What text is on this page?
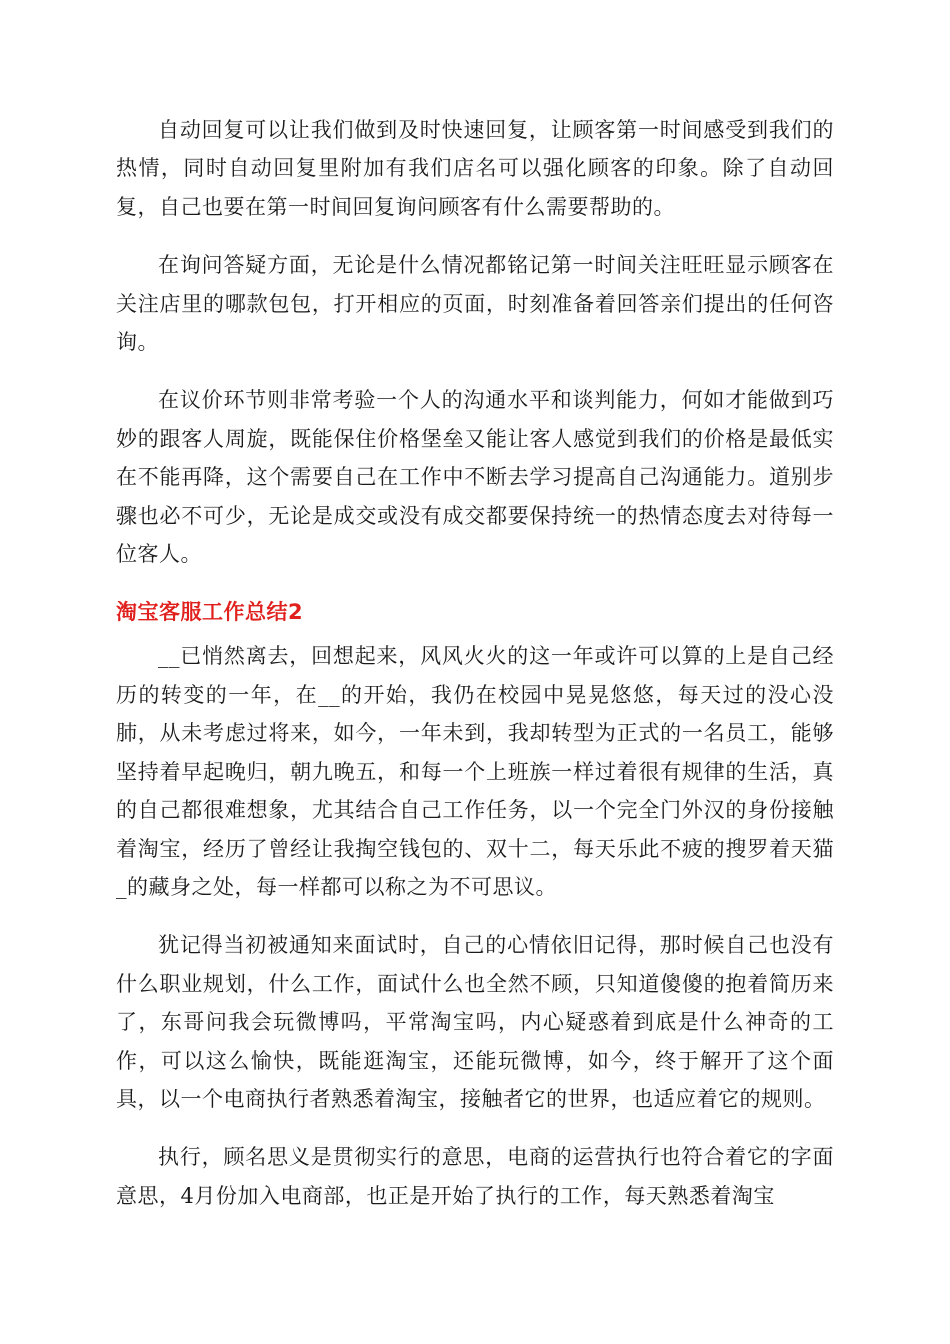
自动回复可以让我们做到及时快速回复，让顾客第一时间感受到我们的热情，同时自动回复里附加有我们店名可以强化顾客的印象。除了自动回复，自己也要在第一时间回复询问顾客有什么需要帮助的。

在询问答疑方面，无论是什么情况都铭记第一时间关注旺旺显示顾客在关注店里的哪款包包，打开相应的页面，时刻准备着回答亲们提出的任何咨询。

在议价环节则非常考验一个人的沟通水平和谈判能力，何如才能做到巧妙的跟客人周旋，既能保住价格堡垒又能让客人感觉到我们的价格是最低实在不能再降，这个需要自己在工作中不断去学习提高自己沟通能力。道别步骤也必不可少，无论是成交或没有成交都要保持统一的热情态度去对待每一位客人。

淘宝客服工作总结2

__已悄然离去，回想起来，风风火火的这一年或许可以算的上是自己经历的转变的一年，在__的开始，我仍在校园中晃晃悠悠，每天过的没心没肺，从未考虑过将来，如今，一年未到，我却转型为正式的一名员工，能够坚持着早起晚归，朝九晚五，和每一个上班族一样过着很有规律的生活，真的自己都很难想象，尤其结合自己工作任务，以一个完全门外汉的身份接触着淘宝，经历了曾经让我掏空钱包的、双十二，每天乐此不疲的搜罗着天猫_的藏身之处，每一样都可以称之为不可思议。

犹记得当初被通知来面试时，自己的心情依旧记得，那时候自己也没有什么职业规划，什么工作，面试什么也全然不顾，只知道傻傻的抱着简历来了，东哥问我会玩微博吗，平常淘宝吗，内心疑惑着到底是什么神奇的工作，可以这么愉快，既能逛淘宝，还能玩微博，如今，终于解开了这个面具，以一个电商执行者熟悉着淘宝，接触者它的世界，也适应着它的规则。

执行，顾名思义是贯彻实行的意思，电商的运营执行也符合着它的字面意思，4月份加入电商部，也正是开始了执行的工作，每天熟悉着淘宝
